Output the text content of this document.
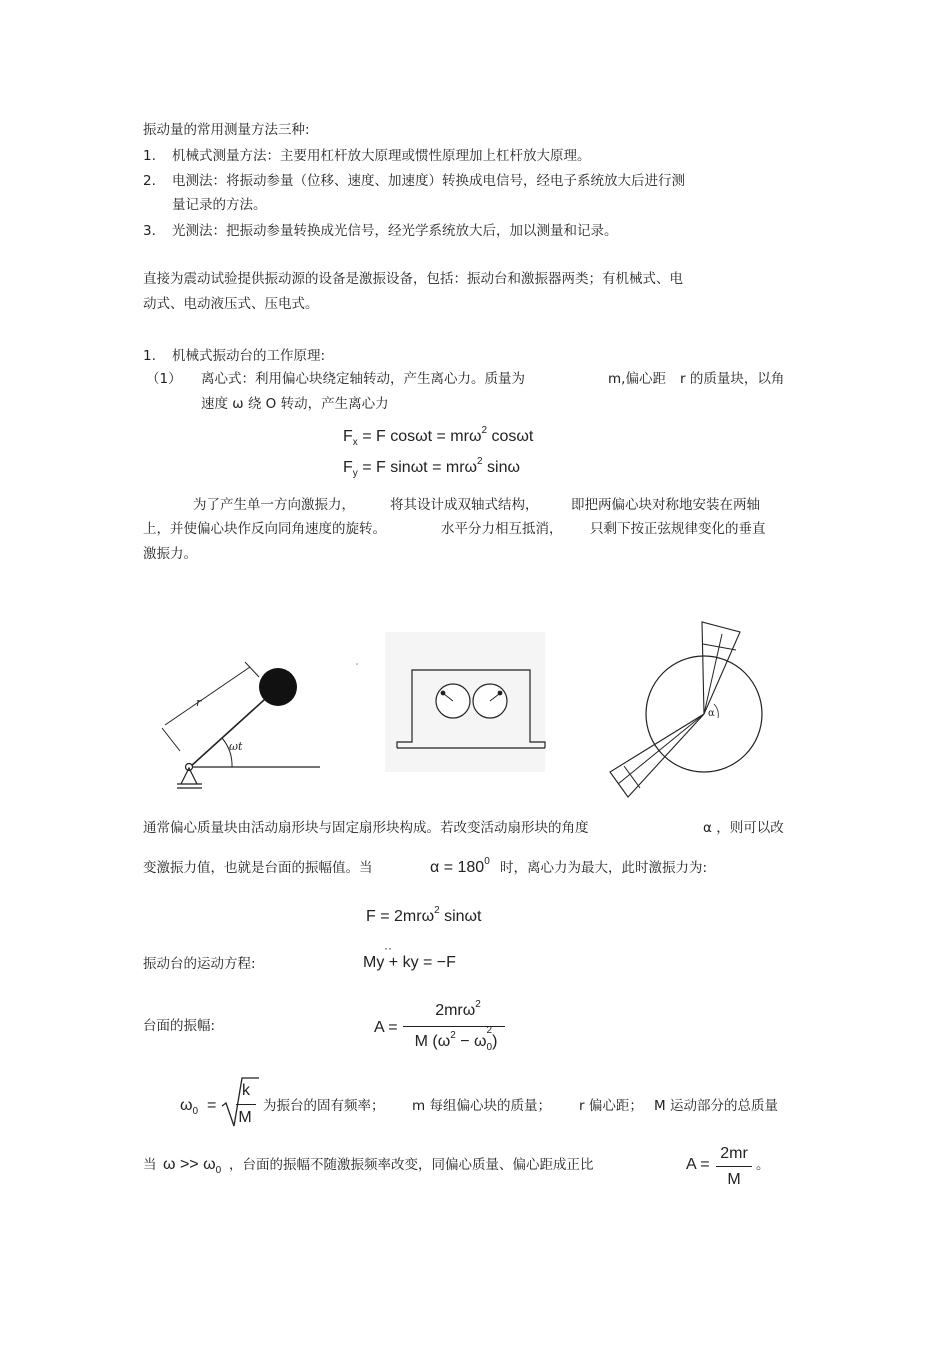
振动量的常用测量方法三种:
1. 机械式测量方法：主要用杠杆放大原理或惯性原理加上杠杆放大原理。
2. 电测法：将振动参量（位移、速度、加速度）转换成电信号，经电子系统放大后进行测
量记录的方法。
3. 光测法：把振动参量转换成光信号，经光学系统放大后，加以测量和记录。
直接为震动试验提供振动源的设备是激振设备，包括：振动台和激振器两类；有机械式、电
动式、电动液压式、压电式。
1. 机械式振动台的工作原理:
（1） 离心式：利用偏心块绕定轴转动，产生离心力。质量为	m,偏心距 r 的质量块，以角
速度 ω 绕 O 转动，产生离心力
$F_x = F$ cosωt = mrω$^2$ cosωt
$F_y = F$ sinωt = mrω$^2$ sinω
为了产生单一方向激振力，	将其设计成双轴式结构， 即把两偏心块对称地安装在两轴
上，并使偏心块作反向同角速度的旋转。	水平分力相互抵消， 只剩下按正弦规律变化的垂直
激振力。
r
ωt
α
通常偏心质量块由活动扇形块与固定扇形块构成。若改变活动扇形块的角度	α ，则可以改
变激振力值，也就是台面的振幅值。当	$\alpha = 180^0$ 时，离心力为最大，此时激振力为:
F = 2mrω$^2$ sinωt
振动台的运动方程:	My + ky = −F
··
台面的振幅:	A =
2mrω$^2$
M ($\omega^2 - \omega$
2
$_0$)
$\omega_0$ =
k
M
为振台的固有频率； m 每组偏心块的质量； r 偏心距； M 运动部分的总质量
当 $\omega >> \omega_0$ ，台面的振幅不随激振频率改变，同偏心质量、偏心距成正比	A =
2mr
M
。
